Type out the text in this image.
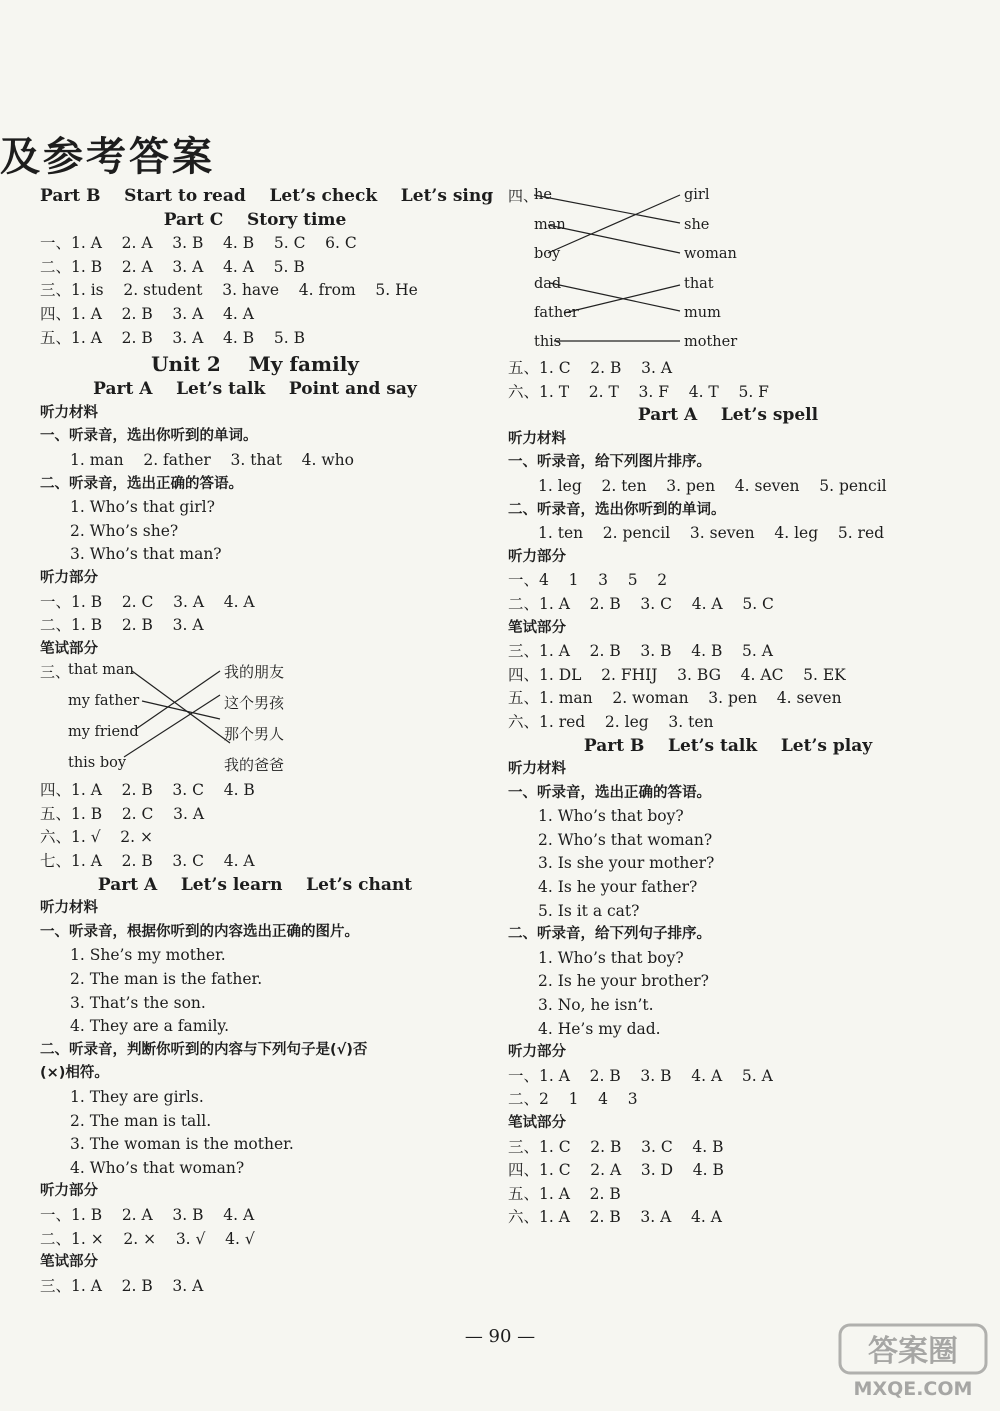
及参考答案
Part B    Start to read    Let’s check    Let’s sing
Part C    Story time
一、1. A    2. A    3. B    4. B    5. C    6. C
二、1. B    2. A    3. A    4. A    5. B
三、1. is    2. student    3. have    4. from    5. He
四、1. A    2. B    3. A    4. A
五、1. A    2. B    3. A    4. B    5. B
Unit 2    My family
Part A    Let’s talk    Point and say
听力材料
一、听录音，选出你听到的单词。
1. man    2. father    3. that    4. who
二、听录音，选出正确的答语。
1. Who’s that girl?
2. Who’s she?
3. Who’s that man?
听力部分
一、1. B    2. C    3. A    4. A
二、1. B    2. B    3. A
笔试部分
三、
that man
my father
my friend
this boy
我的朋友
这个男孩
那个男人
我的爸爸
四、1. A    2. B    3. C    4. B
五、1. B    2. C    3. A
六、1. √    2. ×
七、1. A    2. B    3. C    4. A
Part A    Let’s learn    Let’s chant
听力材料
一、听录音，根据你听到的内容选出正确的图片。
1. She’s my mother.
2. The man is the father.
3. That’s the son.
4. They are a family.
二、听录音，判断你听到的内容与下列句子是(√)否
(×)相符。
1. They are girls.
2. The man is tall.
3. The woman is the mother.
4. Who’s that woman?
听力部分
一、1. B    2. A    3. B    4. A
二、1. ×    2. ×    3. √    4. √
笔试部分
三、1. A    2. B    3. A
四、
he
man
boy
girl
she
woman
dad
father
this
that
mum
mother
五、1. C    2. B    3. A
六、1. T    2. T    3. F    4. T    5. F
Part A    Let’s spell
听力材料
一、听录音，给下列图片排序。
1. leg    2. ten    3. pen    4. seven    5. pencil
二、听录音，选出你听到的单词。
1. ten    2. pencil    3. seven    4. leg    5. red
听力部分
一、4    1    3    5    2
二、1. A    2. B    3. C    4. A    5. C
笔试部分
三、1. A    2. B    3. B    4. B    5. A
四、1. DL    2. FHIJ    3. BG    4. AC    5. EK
五、1. man    2. woman    3. pen    4. seven
六、1. red    2. leg    3. ten
Part B    Let’s talk    Let’s play
听力材料
一、听录音，选出正确的答语。
1. Who’s that boy?
2. Who’s that woman?
3. Is she your mother?
4. Is he your father?
5. Is it a cat?
二、听录音，给下列句子排序。
1. Who’s that boy?
2. Is he your brother?
3. No, he isn’t.
4. He’s my dad.
听力部分
一、1. A    2. B    3. B    4. A    5. A
二、2    1    4    3
笔试部分
三、1. C    2. B    3. C    4. B
四、1. C    2. A    3. D    4. B
五、1. A    2. B
六、1. A    2. B    3. A    4. A
— 90 —	答案圈
MXQE.COM
